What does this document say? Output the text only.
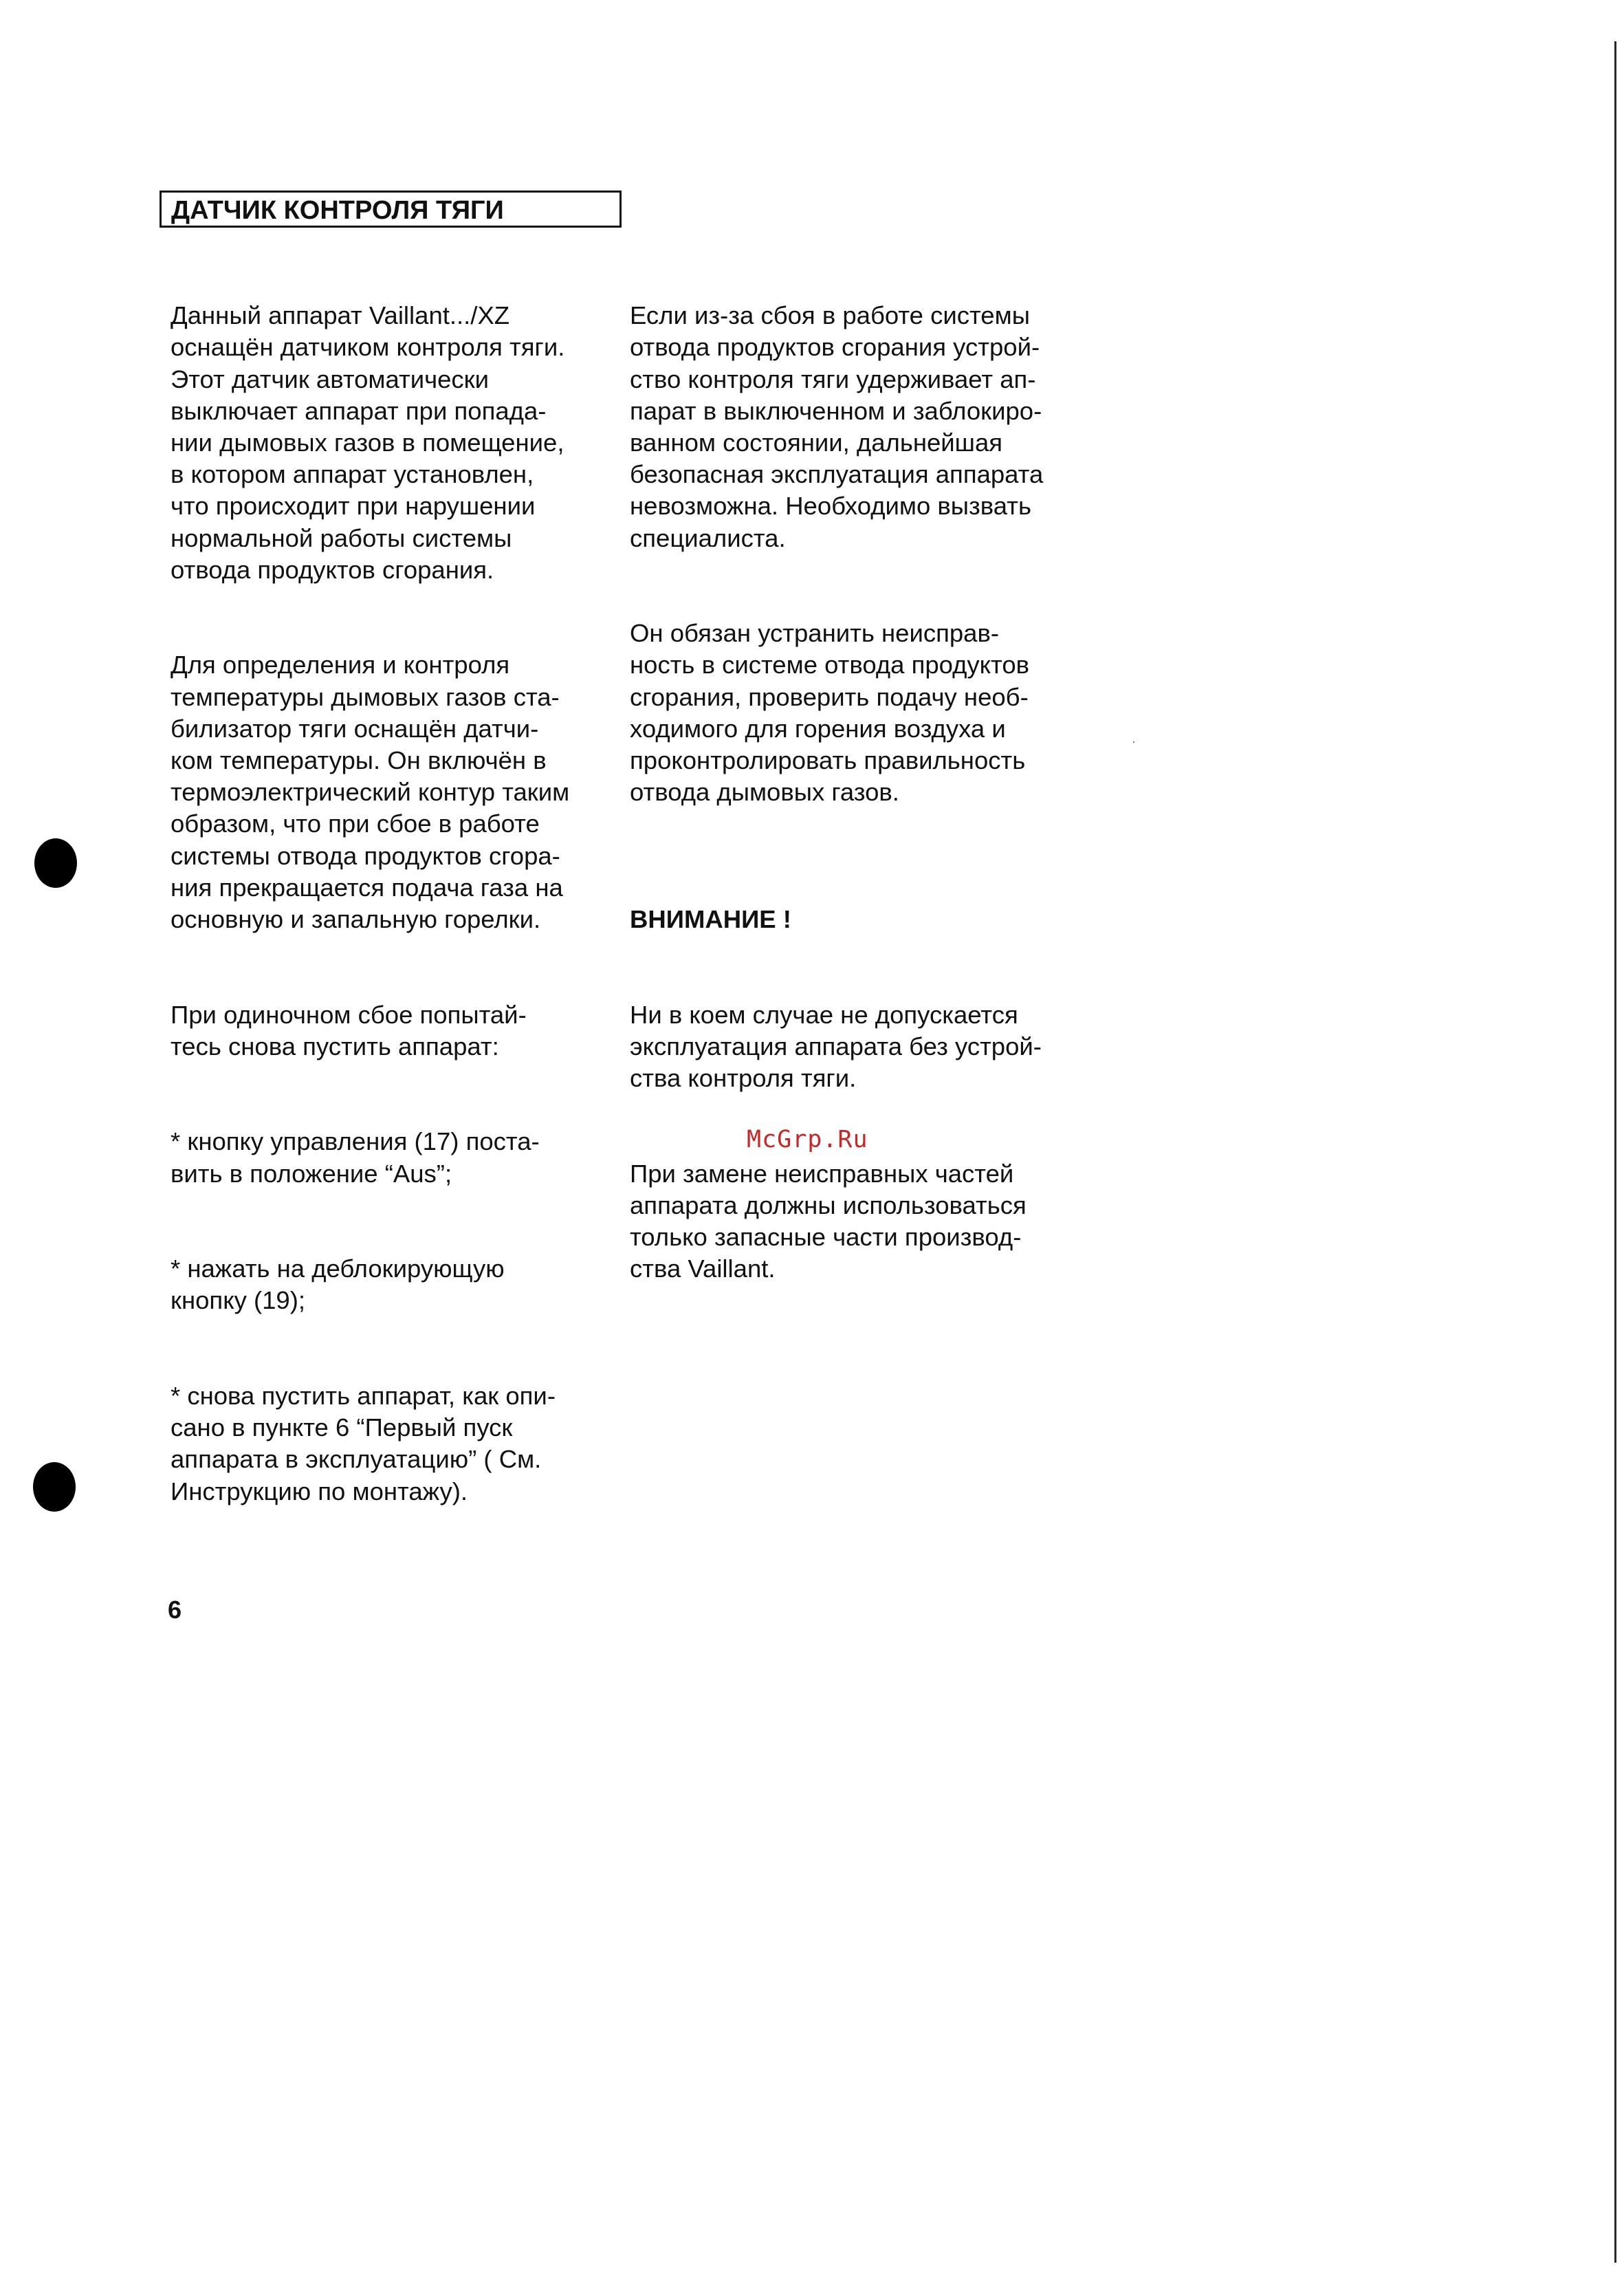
ДАТЧИК КОНТРОЛЯ ТЯГИ

Данный аппарат Vaillant.../XZ
оснащён датчиком контроля тяги.
Этот датчик автоматически
выключает аппарат при попада-
нии дымовых газов в помещение,
в котором аппарат установлен,
что происходит при нарушении
нормальной работы системы
отвода продуктов сгорания.

Для определения и контроля
температуры дымовых газов ста-
билизатор тяги оснащён датчи-
ком температуры. Он включён в
термоэлектрический контур таким
образом, что при сбое в работе
системы отвода продуктов сгора-
ния прекращается подача газа на
основную и запальную горелки.

При одиночном сбое попытай-
тесь снова пустить аппарат:

* кнопку управления (17) поста-
вить в положение “Aus”;

* нажать на деблокирующую
кнопку (19);

* снова пустить аппарат, как опи-
сано в пункте 6 “Первый пуск
аппарата в эксплуатацию” ( См.
Инструкцию по монтажу).

Если из-за сбоя в работе системы
отвода продуктов сгорания устрой-
ство контроля тяги удерживает ап-
парат в выключенном и заблокиро-
ванном состоянии, дальнейшая
безопасная эксплуатация аппарата
невозможна. Необходимо вызвать
специалиста.

Он обязан устранить неисправ-
ность в системе отвода продуктов
сгорания, проверить подачу необ-
ходимого для горения воздуха и
проконтролировать правильность
отвода дымовых газов.

ВНИМАНИЕ !

Ни в коем случае не допускается
эксплуатация аппарата без устрой-
ства контроля тяги.

При замене неисправных частей
аппарата должны использоваться
только запасные части производ-
ства Vaillant.

McGrp.Ru
6
